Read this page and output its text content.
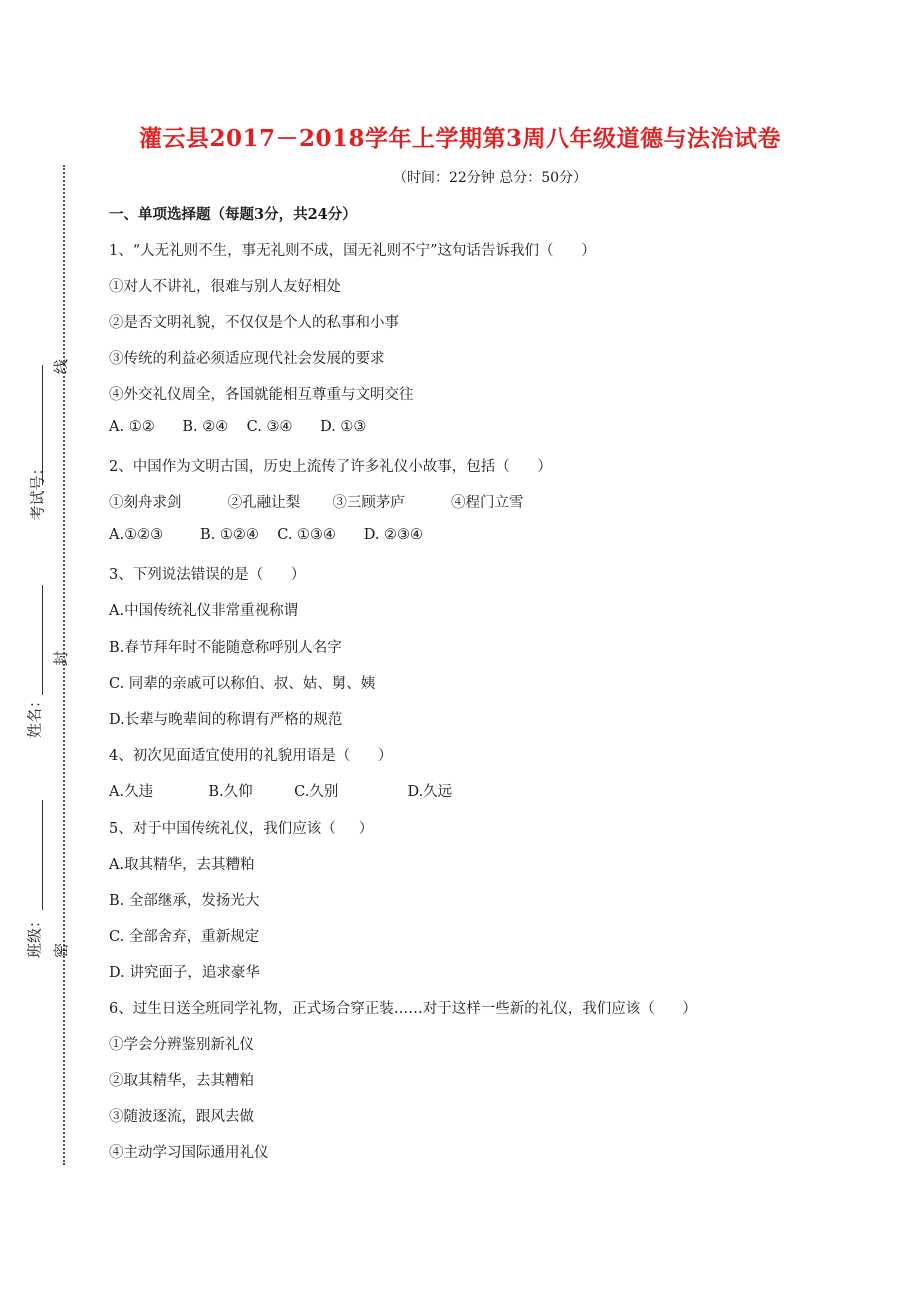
灌云县2017－2018学年上学期第3周八年级道德与法治试卷
（时间：22分钟 总分：50分）
考试号：
姓名：
班级：
线
封
密
一、单项选择题（每题3分，共24分）
1、“人无礼则不生，事无礼则不成，国无礼则不宁”这句话告诉我们（      ）
①对人不讲礼，很难与别人友好相处
②是否文明礼貌，不仅仅是个人的私事和小事
③传统的利益必须适应现代社会发展的要求
④外交礼仪周全，各国就能相互尊重与文明交往
A. ①②      B. ②④    C. ③④      D. ①③
2、中国作为文明古国，历史上流传了许多礼仪小故事，包括（      ）
①刻舟求剑          ②孔融让梨       ③三顾茅庐          ④程门立雪
A.①②③        B. ①②④    C. ①③④      D. ②③④
3、下列说法错误的是（      ）
A.中国传统礼仪非常重视称谓
B.春节拜年时不能随意称呼别人名字
C. 同辈的亲戚可以称伯、叔、姑、舅、姨
D.长辈与晚辈间的称谓有严格的规范
4、初次见面适宜使用的礼貌用语是（      ）
A.久违            B.久仰         C.久别               D.久远
5、对于中国传统礼仪，我们应该（     ）
A.取其精华，去其糟粕
B. 全部继承，发扬光大
C. 全部舍弃，重新规定
D. 讲究面子，追求豪华
6、过生日送全班同学礼物，正式场合穿正装……对于这样一些新的礼仪，我们应该（      ）
①学会分辨鉴别新礼仪
②取其精华，去其糟粕
③随波逐流，跟风去做
④主动学习国际通用礼仪
